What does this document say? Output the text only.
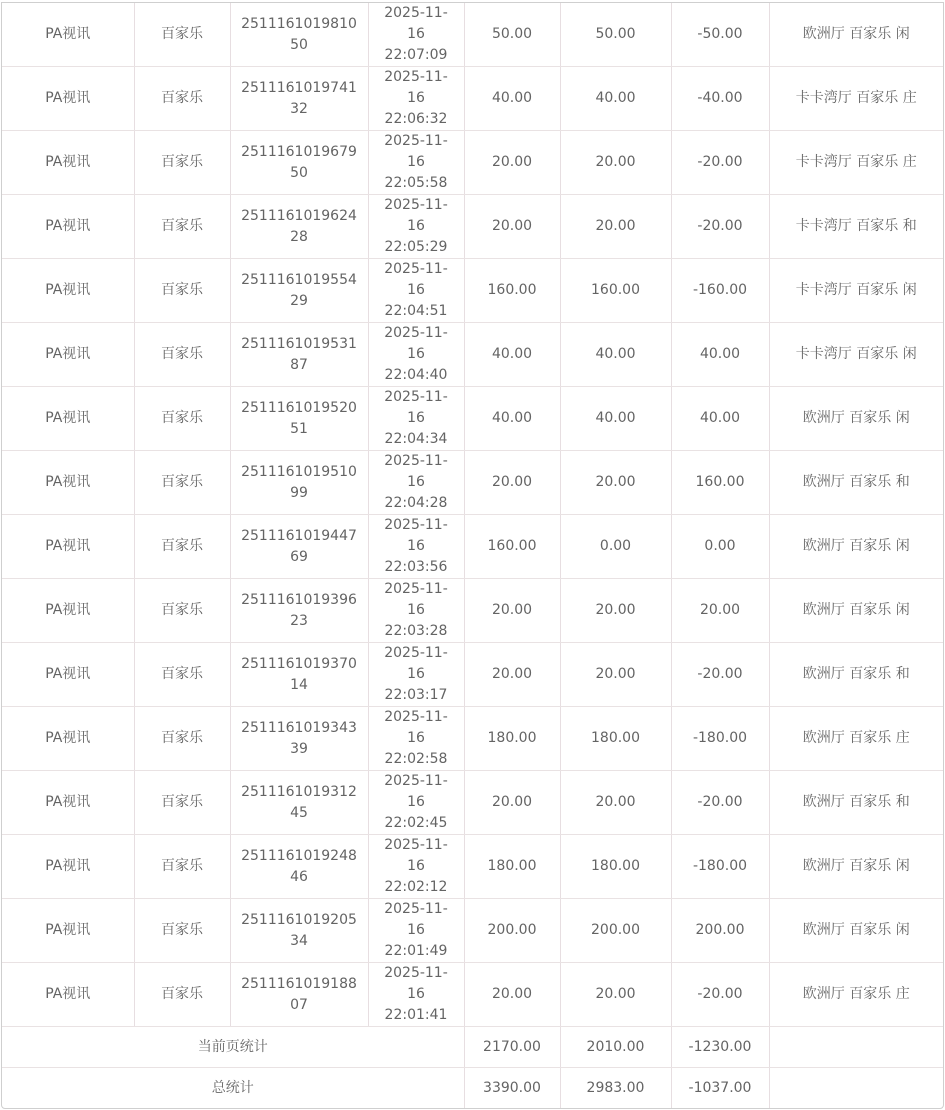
PA视讯	百家乐	251116101981050	2025-11-16 22:07:09	50.00	50.00	-50.00	欧洲厅 百家乐 闲
PA视讯	百家乐	251116101974132	2025-11-16 22:06:32	40.00	40.00	-40.00	卡卡湾厅 百家乐 庄
PA视讯	百家乐	251116101967950	2025-11-16 22:05:58	20.00	20.00	-20.00	卡卡湾厅 百家乐 庄
PA视讯	百家乐	251116101962428	2025-11-16 22:05:29	20.00	20.00	-20.00	卡卡湾厅 百家乐 和
PA视讯	百家乐	251116101955429	2025-11-16 22:04:51	160.00	160.00	-160.00	卡卡湾厅 百家乐 闲
PA视讯	百家乐	251116101953187	2025-11-16 22:04:40	40.00	40.00	40.00	卡卡湾厅 百家乐 闲
PA视讯	百家乐	251116101952051	2025-11-16 22:04:34	40.00	40.00	40.00	欧洲厅 百家乐 闲
PA视讯	百家乐	251116101951099	2025-11-16 22:04:28	20.00	20.00	160.00	欧洲厅 百家乐 和
PA视讯	百家乐	251116101944769	2025-11-16 22:03:56	160.00	0.00	0.00	欧洲厅 百家乐 闲
PA视讯	百家乐	251116101939623	2025-11-16 22:03:28	20.00	20.00	20.00	欧洲厅 百家乐 闲
PA视讯	百家乐	251116101937014	2025-11-16 22:03:17	20.00	20.00	-20.00	欧洲厅 百家乐 和
PA视讯	百家乐	251116101934339	2025-11-16 22:02:58	180.00	180.00	-180.00	欧洲厅 百家乐 庄
PA视讯	百家乐	251116101931245	2025-11-16 22:02:45	20.00	20.00	-20.00	欧洲厅 百家乐 和
PA视讯	百家乐	251116101924846	2025-11-16 22:02:12	180.00	180.00	-180.00	欧洲厅 百家乐 闲
PA视讯	百家乐	251116101920534	2025-11-16 22:01:49	200.00	200.00	200.00	欧洲厅 百家乐 闲
PA视讯	百家乐	251116101918807	2025-11-16 22:01:41	20.00	20.00	-20.00	欧洲厅 百家乐 庄
当前页统计				2170.00	2010.00	-1230.00	
总统计				3390.00	2983.00	-1037.00	
